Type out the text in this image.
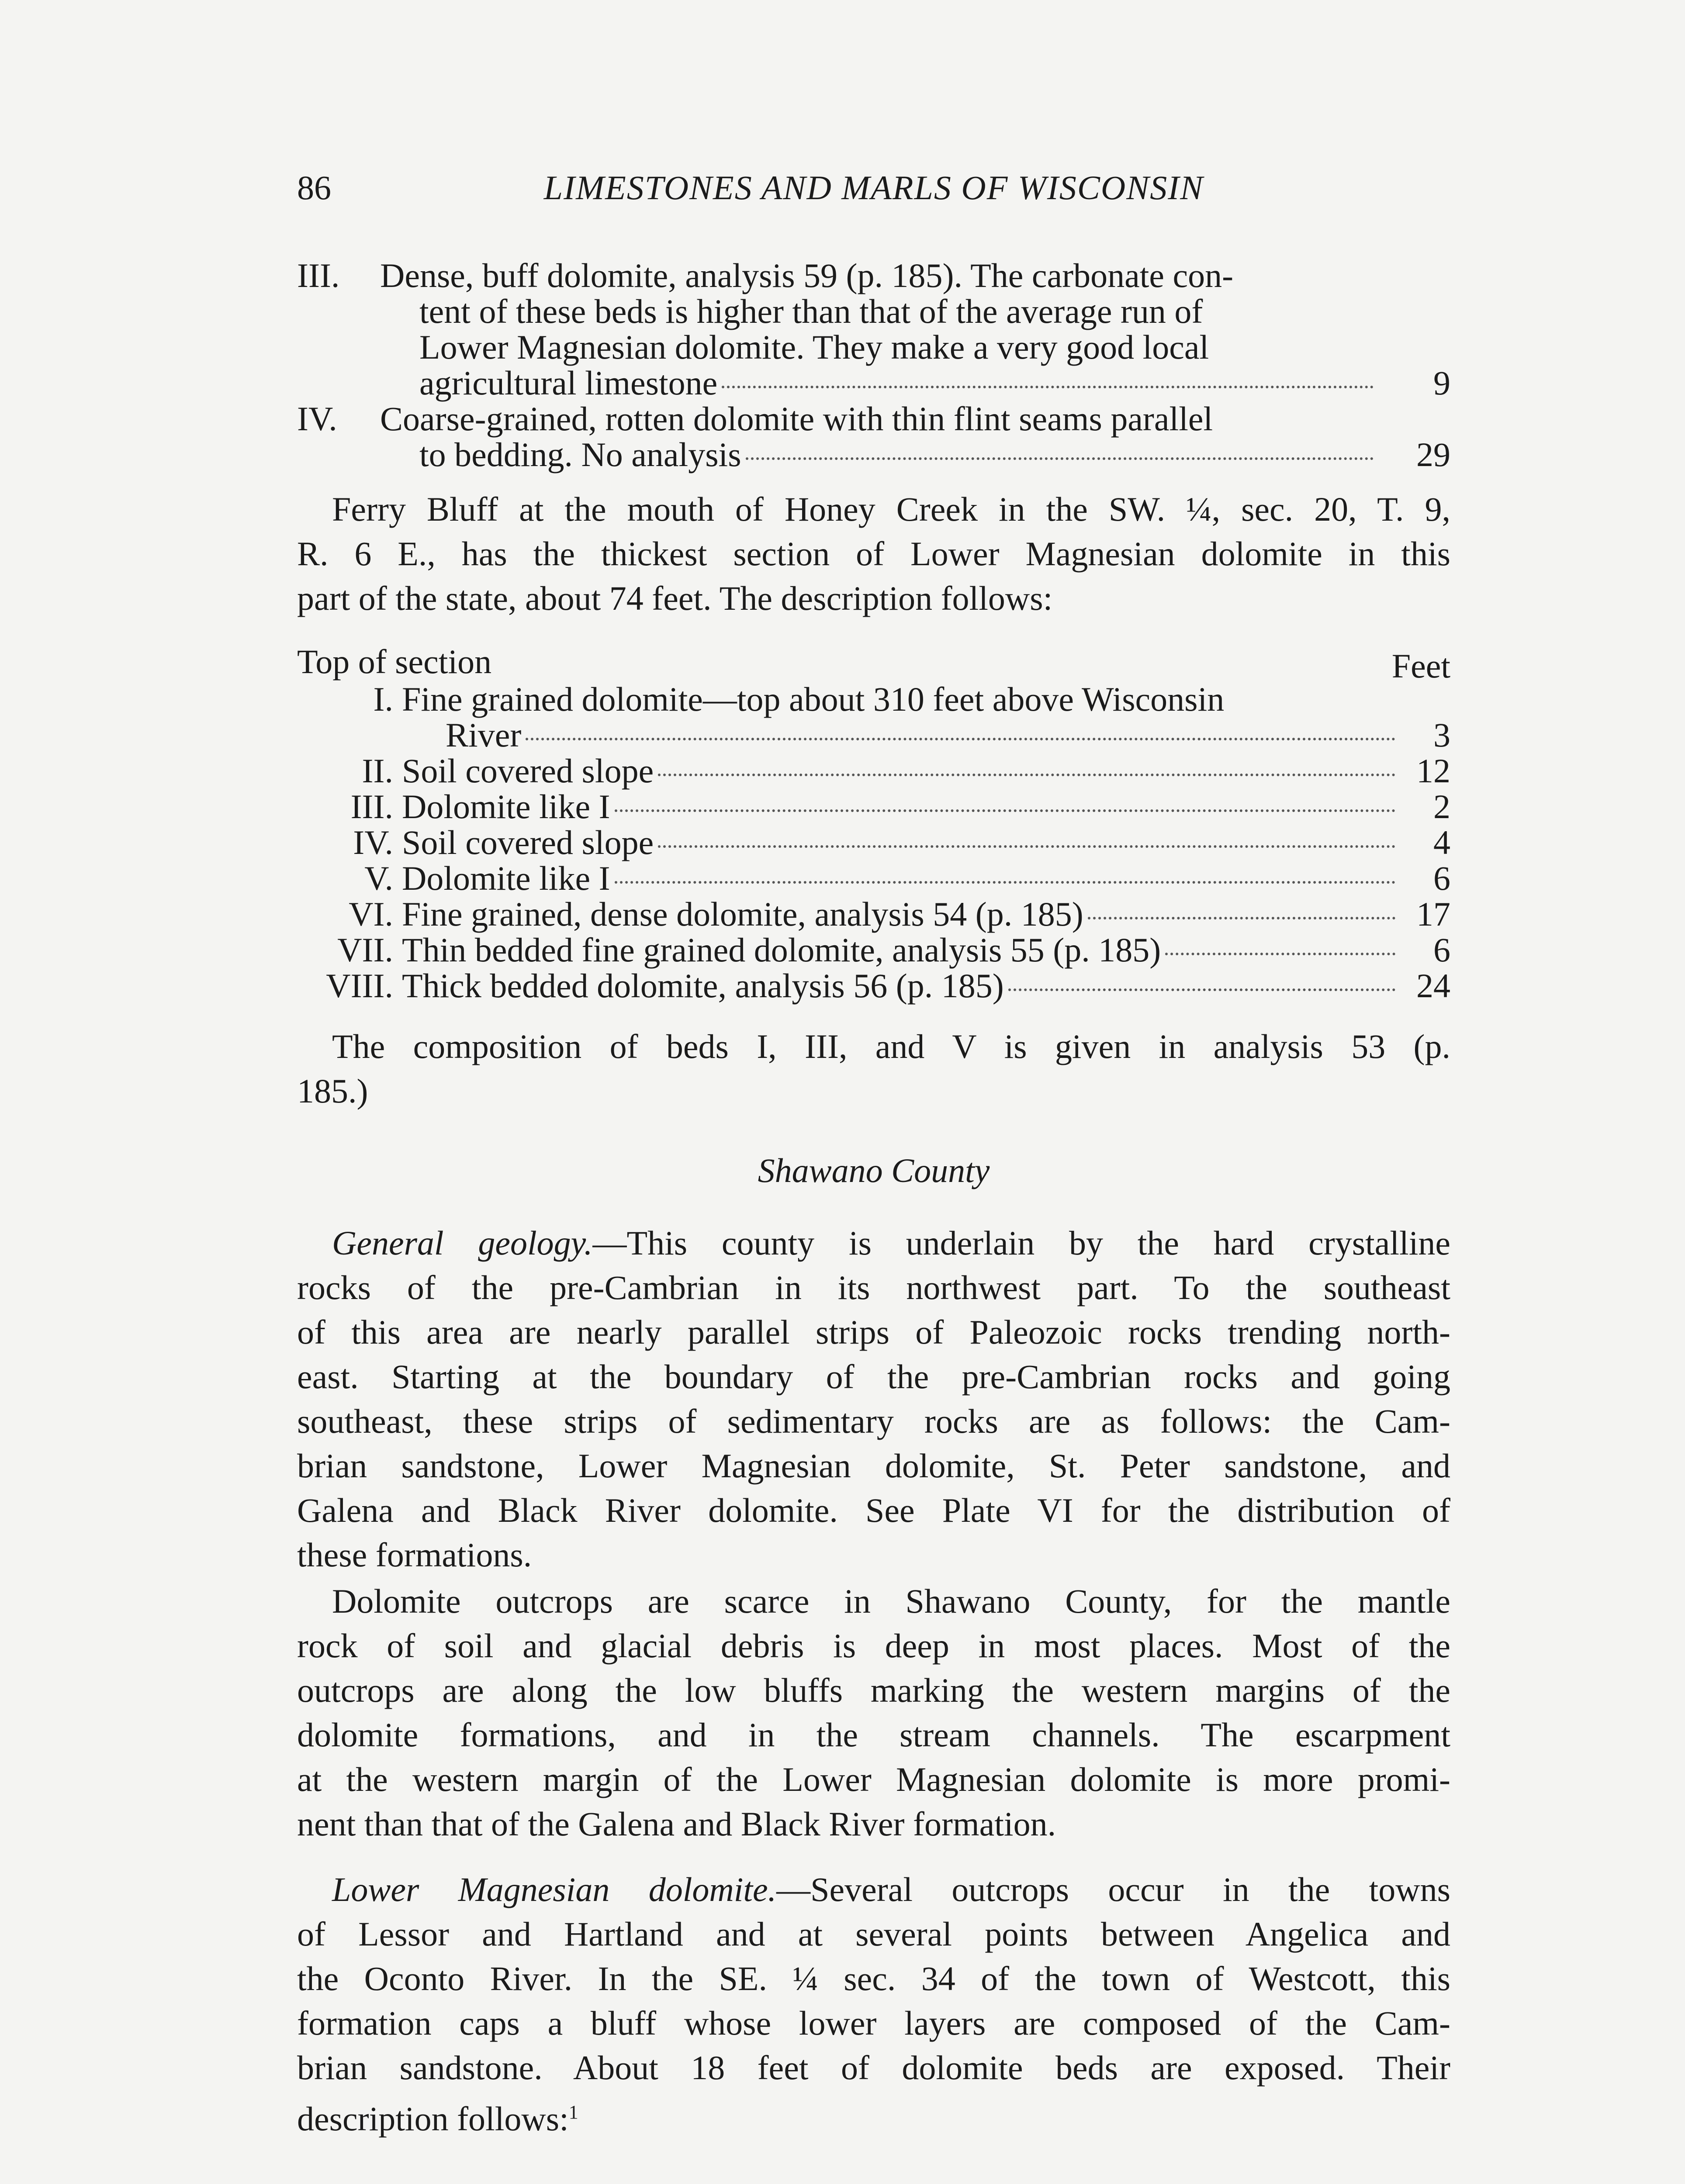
86	LIMESTONES AND MARLS OF WISCONSIN
III. Dense, buff dolomite, analysis 59 (p. 185). The carbonate con-
tent of these beds is higher than that of the average run of
Lower Magnesian dolomite. They make a very good local
agricultural limestone	9
IV. Coarse-grained, rotten dolomite with thin flint seams parallel
to bedding. No analysis	29
Ferry Bluff at the mouth of Honey Creek in the SW. ¼, sec. 20, T. 9,
R. 6 E., has the thickest section of Lower Magnesian dolomite in this
part of the state, about 74 feet. The description follows:
Top of section	Feet
I. Fine grained dolomite—top about 310 feet above Wisconsin
River	3
II. Soil covered slope	12
III. Dolomite like I	2
IV. Soil covered slope	4
V. Dolomite like I	6
VI. Fine grained, dense dolomite, analysis 54 (p. 185)	17
VII. Thin bedded fine grained dolomite, analysis 55 (p. 185)	6
VIII. Thick bedded dolomite, analysis 56 (p. 185)	24
The composition of beds I, III, and V is given in analysis 53 (p.
185.)
Shawano County
General geology.—This county is underlain by the hard crystalline
rocks of the pre-Cambrian in its northwest part. To the southeast
of this area are nearly parallel strips of Paleozoic rocks trending north-
east. Starting at the boundary of the pre-Cambrian rocks and going
southeast, these strips of sedimentary rocks are as follows: the Cam-
brian sandstone, Lower Magnesian dolomite, St. Peter sandstone, and
Galena and Black River dolomite. See Plate VI for the distribution of
these formations.
Dolomite outcrops are scarce in Shawano County, for the mantle
rock of soil and glacial debris is deep in most places. Most of the
outcrops are along the low bluffs marking the western margins of the
dolomite formations, and in the stream channels. The escarpment
at the western margin of the Lower Magnesian dolomite is more promi-
nent than that of the Galena and Black River formation.
Lower Magnesian dolomite.—Several outcrops occur in the towns
of Lessor and Hartland and at several points between Angelica and
the Oconto River. In the SE. ¼ sec. 34 of the town of Westcott, this
formation caps a bluff whose lower layers are composed of the Cam-
brian sandstone. About 18 feet of dolomite beds are exposed. Their
description follows:$^1$
